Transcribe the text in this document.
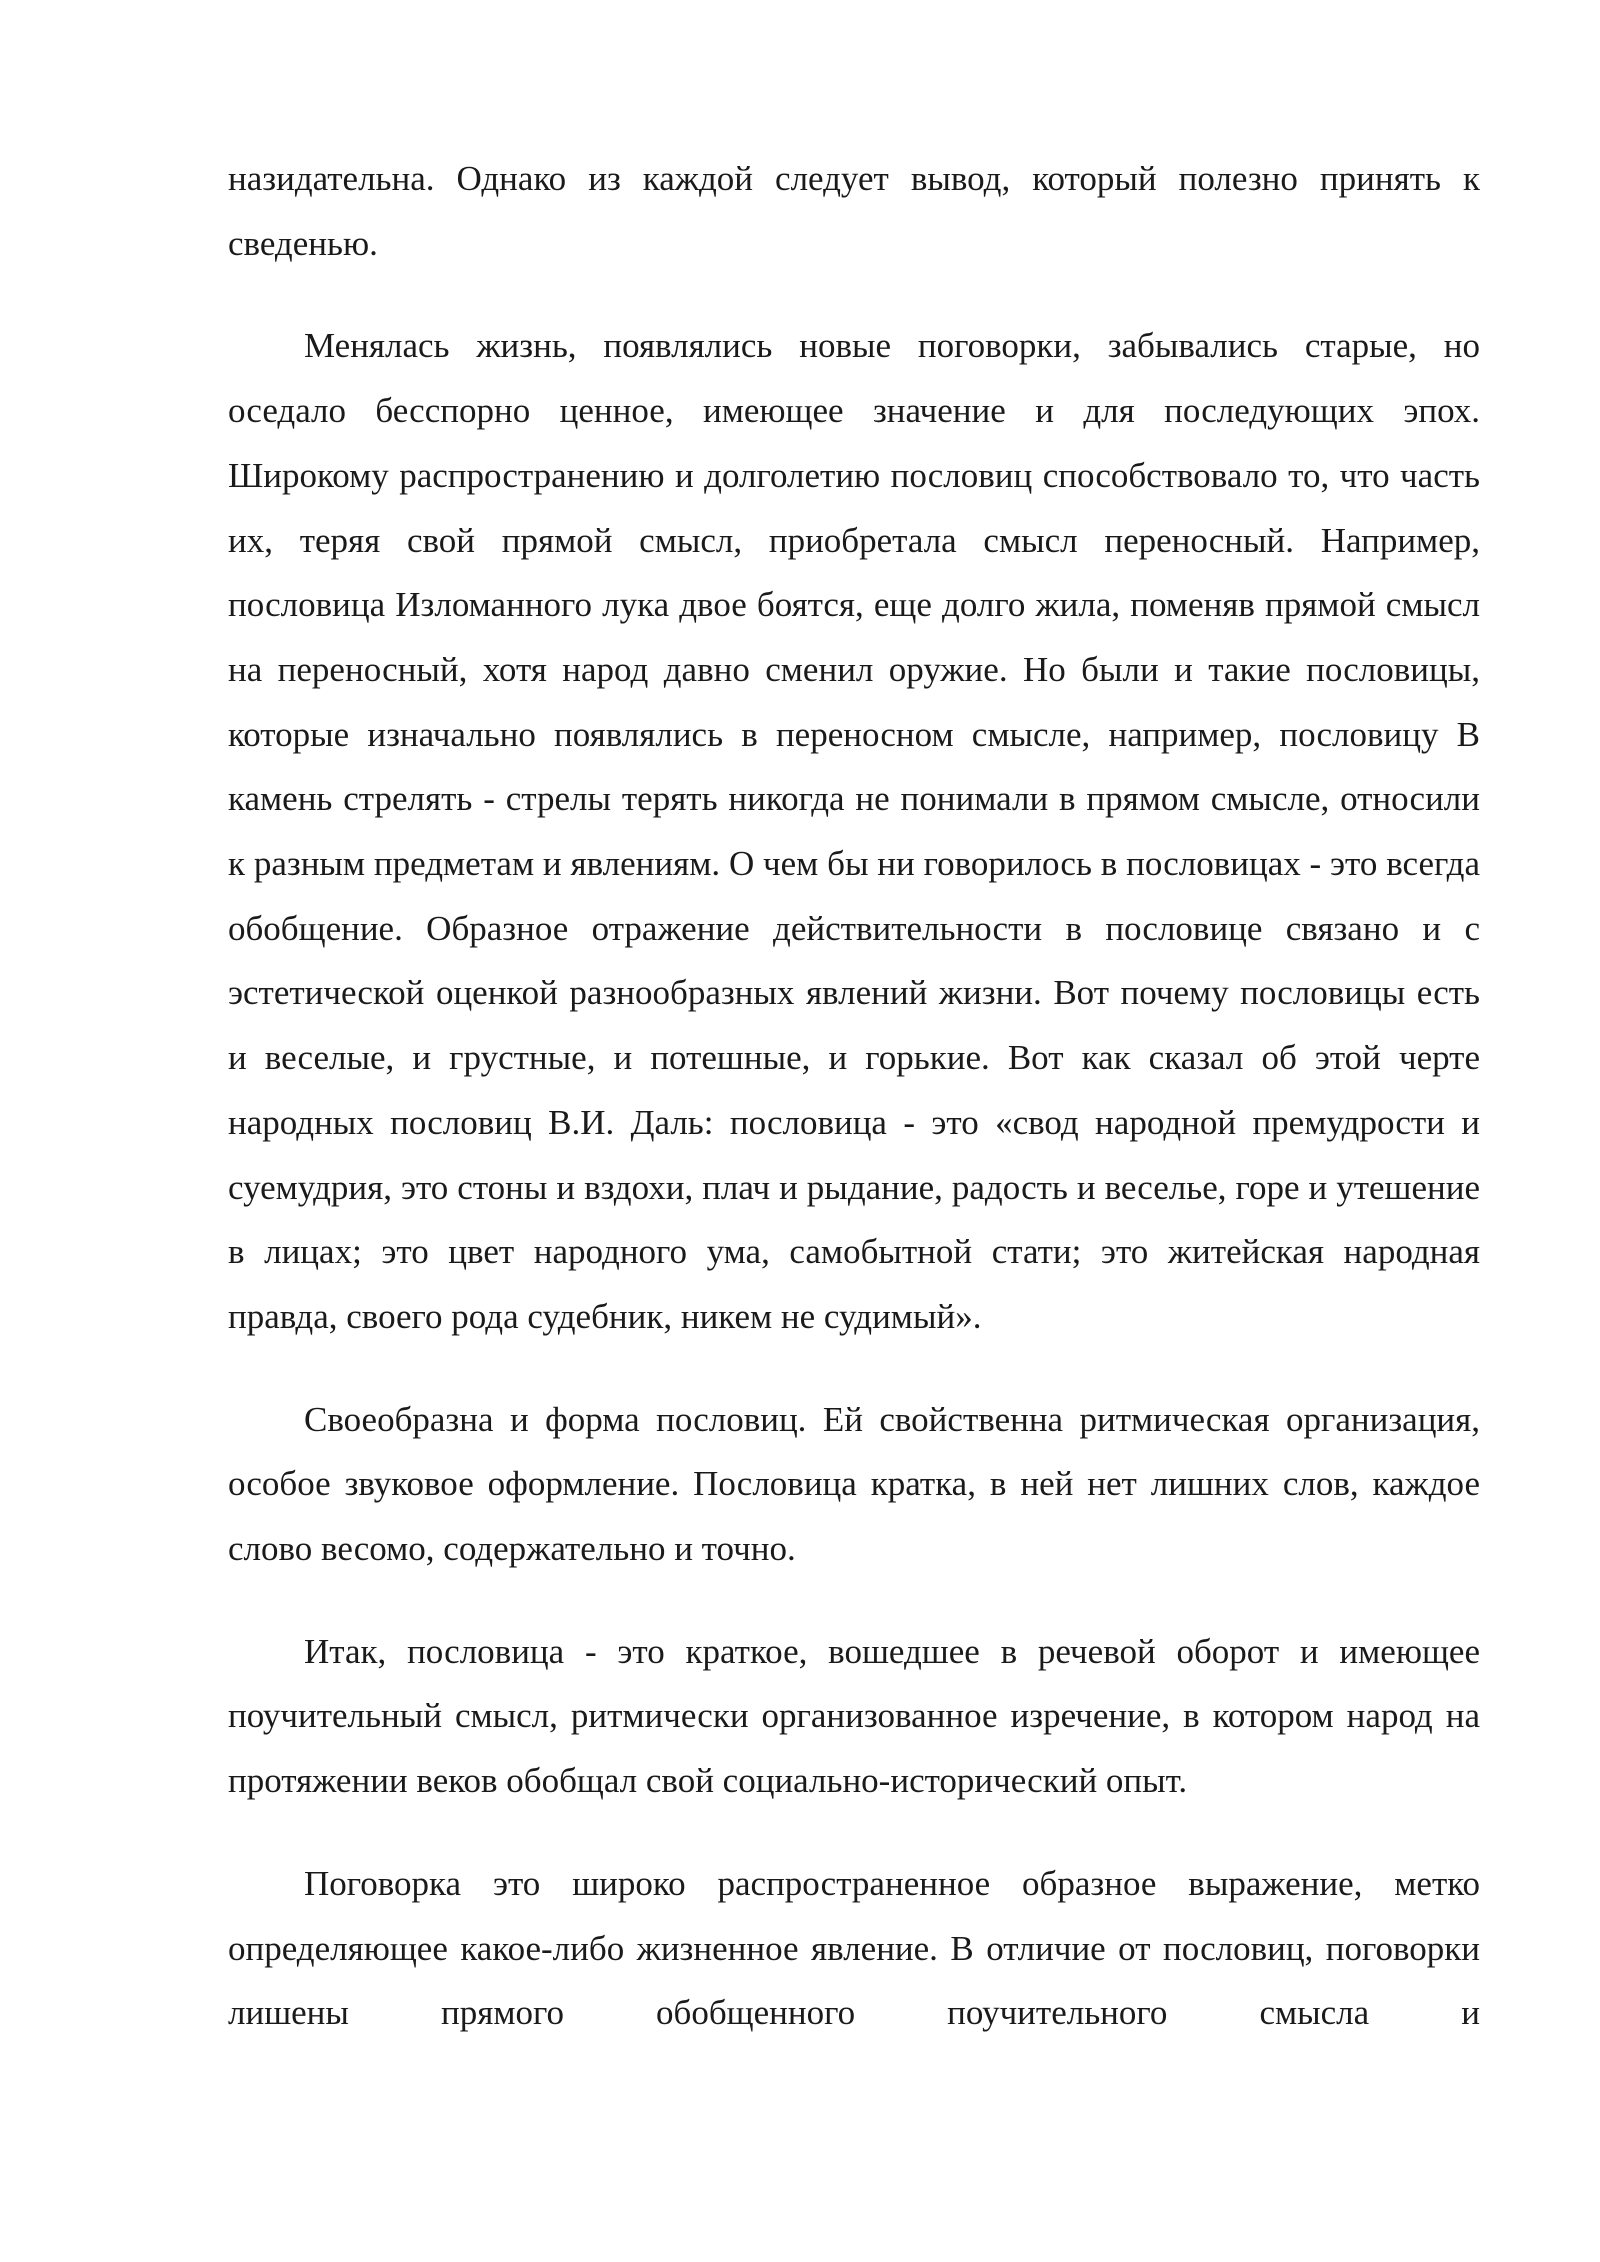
назидательна. Однако из каждой следует вывод, который полезно принять к сведенью.

Менялась жизнь, появлялись новые поговорки, забывались старые, но оседало бесспорно ценное, имеющее значение и для последующих эпох. Широкому распространению и долголетию пословиц способствовало то, что часть их, теряя свой прямой смысл, приобретала смысл переносный. Например, пословица Изломанного лука двое боятся, еще долго жила, поменяв прямой смысл на переносный, хотя народ давно сменил оружие. Но были и такие пословицы, которые изначально появлялись в переносном смысле, например, пословицу В камень стрелять - стрелы терять никогда не понимали в прямом смысле, относили к разным предметам и явлениям. О чем бы ни говорилось в пословицах - это всегда обобщение. Образное отражение действительности в пословице связано и с эстетической оценкой разнообразных явлений жизни. Вот почему пословицы есть и веселые, и грустные, и потешные, и горькие. Вот как сказал об этой черте народных пословиц В.И. Даль: пословица - это «свод народной премудрости и суемудрия, это стоны и вздохи, плач и рыдание, радость и веселье, горе и утешение в лицах; это цвет народного ума, самобытной стати; это житейская народная правда, своего рода судебник, никем не судимый».

Своеобразна и форма пословиц. Ей свойственна ритмическая организация, особое звуковое оформление. Пословица кратка, в ней нет лишних слов, каждое слово весомо, содержательно и точно.

Итак, пословица - это краткое, вошедшее в речевой оборот и имеющее поучительный смысл, ритмически организованное изречение, в котором народ на протяжении веков обобщал свой социально-исторический опыт.

Поговорка это широко распространенное образное выражение, метко определяющее какое-либо жизненное явление. В отличие от пословиц, поговорки лишены прямого обобщенного поучительного смысла и
